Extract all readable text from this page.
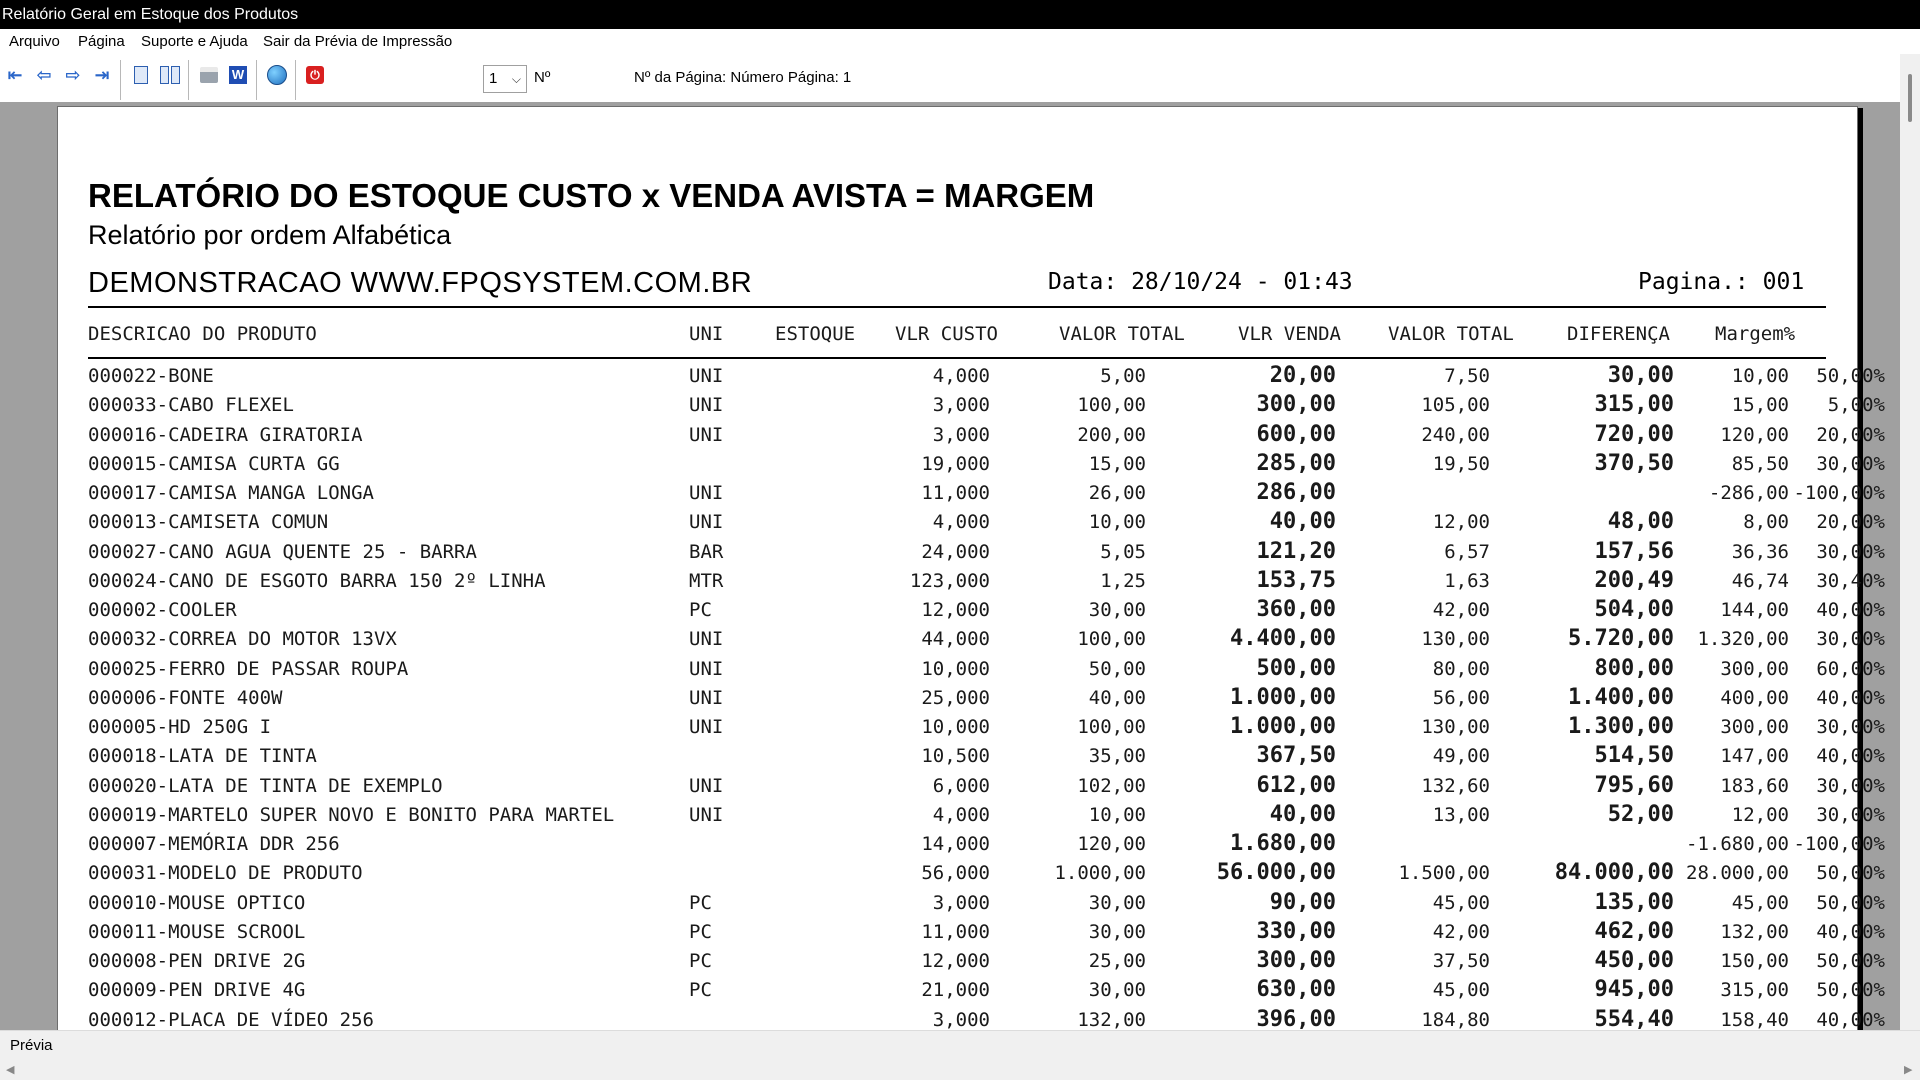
Relatório Geral em Estoque dos Produtos
Arquivo Página Suporte e Ajuda Sair da Prévia de Impressão
⇤ ⇦ ⇨ ⇥	W	⏻	1 ⌵ Nº	Nº da Página: Número Página: 1
RELATÓRIO DO ESTOQUE CUSTO x VENDA AVISTA = MARGEM
Relatório por ordem Alfabética
DEMONSTRACAO WWW.FPQSYSTEM.COM.BR	Data: 28/10/24 - 01:43	Pagina.: 001
DESCRICAO DO PRODUTO	UNI	ESTOQUE VLR CUSTO	VALOR TOTAL	VLR VENDA VALOR TOTAL	DIFERENÇA Margem%
000022-BONE	UNI	4,000	5,00	20,00	7,50	30,00	10,00 50,00%
000033-CABO FLEXEL	UNI	3,000	100,00	300,00	105,00	315,00	15,00 5,00%
000016-CADEIRA GIRATORIA	UNI	3,000	200,00	600,00	240,00	720,00 120,00 20,00%
000015-CAMISA CURTA GG	19,000	15,00	285,00	19,50	370,50	85,50 30,00%
000017-CAMISA MANGA LONGA	UNI	11,000	26,00	286,00	-286,00 -100,00%
000013-CAMISETA COMUN	UNI	4,000	10,00	40,00	12,00	48,00	8,00 20,00%
000027-CANO AGUA QUENTE 25 - BARRA	BAR	24,000	5,05	121,20	6,57	157,56	36,36 30,00%
000024-CANO DE ESGOTO BARRA 150 2º LINHA	MTR	123,000	1,25	153,75	1,63	200,49	46,74 30,40%
000002-COOLER	PC	12,000	30,00	360,00	42,00	504,00 144,00 40,00%
000032-CORREA DO MOTOR 13VX	UNI	44,000	100,00	4.400,00	130,00	5.720,00 1.320,00 30,00%
000025-FERRO DE PASSAR ROUPA	UNI	10,000	50,00	500,00	80,00	800,00 300,00 60,00%
000006-FONTE 400W	UNI	25,000	40,00	1.000,00	56,00	1.400,00 400,00 40,00%
000005-HD 250G I	UNI	10,000	100,00	1.000,00	130,00	1.300,00 300,00 30,00%
000018-LATA DE TINTA	10,500	35,00	367,50	49,00	514,50 147,00 40,00%
000020-LATA DE TINTA DE EXEMPLO	UNI	6,000	102,00	612,00	132,60	795,60 183,60 30,00%
000019-MARTELO SUPER NOVO E BONITO PARA MARTEL	UNI	4,000	10,00	40,00	13,00	52,00	12,00 30,00%
000007-MEMÓRIA DDR 256	14,000	120,00	1.680,00	-1.680,00 -100,00%
000031-MODELO DE PRODUTO	56,000	1.000,00	56.000,00	1.500,00	84.000,00 28.000,00 50,00%
000010-MOUSE OPTICO	PC	3,000	30,00	90,00	45,00	135,00	45,00 50,00%
000011-MOUSE SCROOL	PC	11,000	30,00	330,00	42,00	462,00 132,00 40,00%
000008-PEN DRIVE 2G	PC	12,000	25,00	300,00	37,50	450,00 150,00 50,00%
000009-PEN DRIVE 4G	PC	21,000	30,00	630,00	45,00	945,00 315,00 50,00%
000012-PLACA DE VÍDEO 256	3,000	132,00	396,00	184,80	554,40 158,40 40,00%
Prévia
◀	▶
